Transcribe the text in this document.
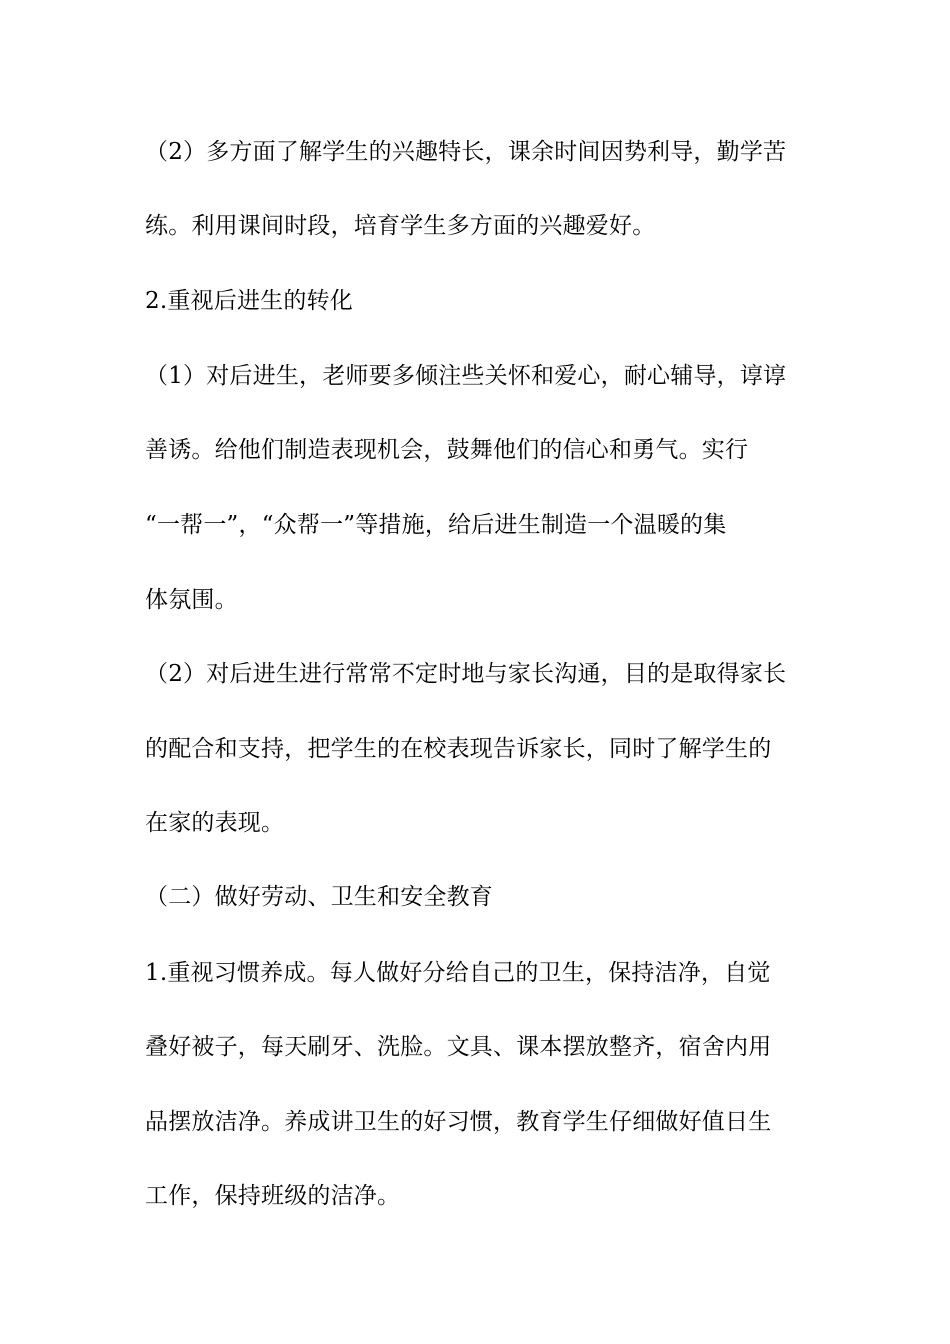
（2）多方面了解学生的兴趣特长，课余时间因势利导，勤学苦
练。利用课间时段，培育学生多方面的兴趣爱好。
2.重视后进生的转化
（1）对后进生，老师要多倾注些关怀和爱心，耐心辅导，谆谆
善诱。给他们制造表现机会，鼓舞他们的信心和勇气。实行
“一帮一”，“众帮一”等措施，给后进生制造一个温暖的集
体氛围。
（2）对后进生进行常常不定时地与家长沟通，目的是取得家长
的配合和支持，把学生的在校表现告诉家长，同时了解学生的
在家的表现。
（二）做好劳动、卫生和安全教育
1.重视习惯养成。每人做好分给自己的卫生，保持洁净，自觉
叠好被子，每天刷牙、洗脸。文具、课本摆放整齐，宿舍内用
品摆放洁净。养成讲卫生的好习惯，教育学生仔细做好值日生
工作，保持班级的洁净。
